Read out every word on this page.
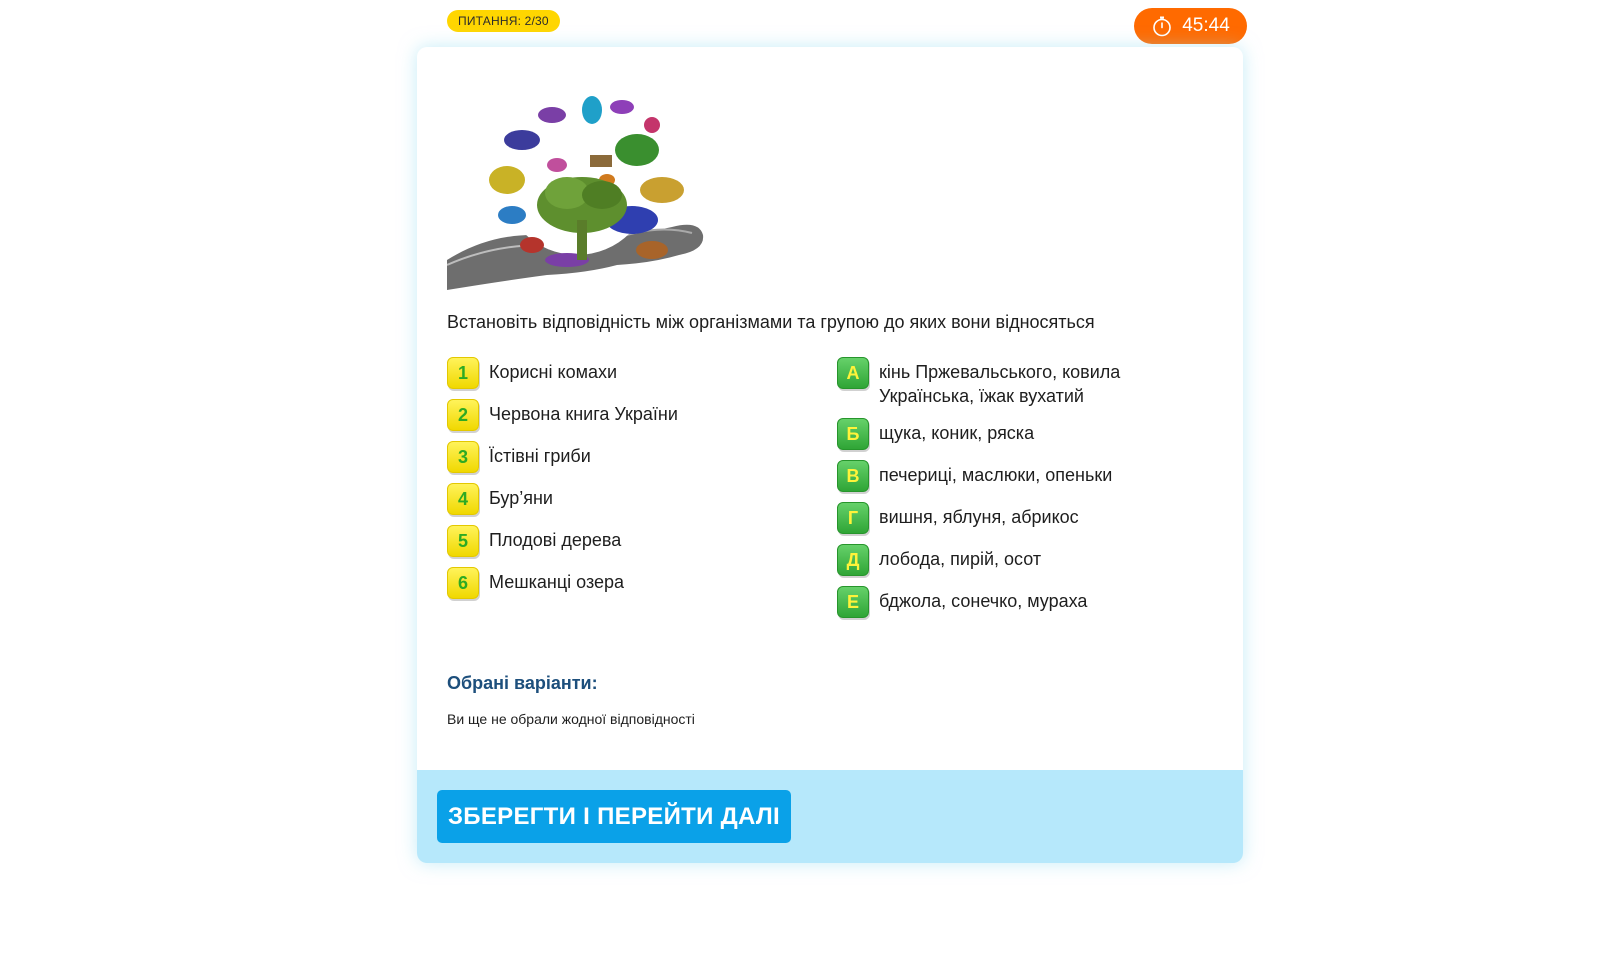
ПИТАННЯ: 2/30	45:44
Встановіть відповідність між організмами та групою до яких вони відносяться
1	Корисні комахи
2	Червона книга України
3	Їстівні гриби
4	Бур’яни
5	Плодові дерева
6	Мешканці озера
А	кінь Пржевальського, ковила Українська, їжак вухатий
Б	щука, коник, ряска
В	печериці, маслюки, опеньки
Г	вишня, яблуня, абрикос
Д	лобода, пирій, осот
Е	бджола, сонечко, мураха
Обрані варіанти:
Ви ще не обрали жодної відповідності
ЗБЕРЕГТИ І ПЕРЕЙТИ ДАЛІ
